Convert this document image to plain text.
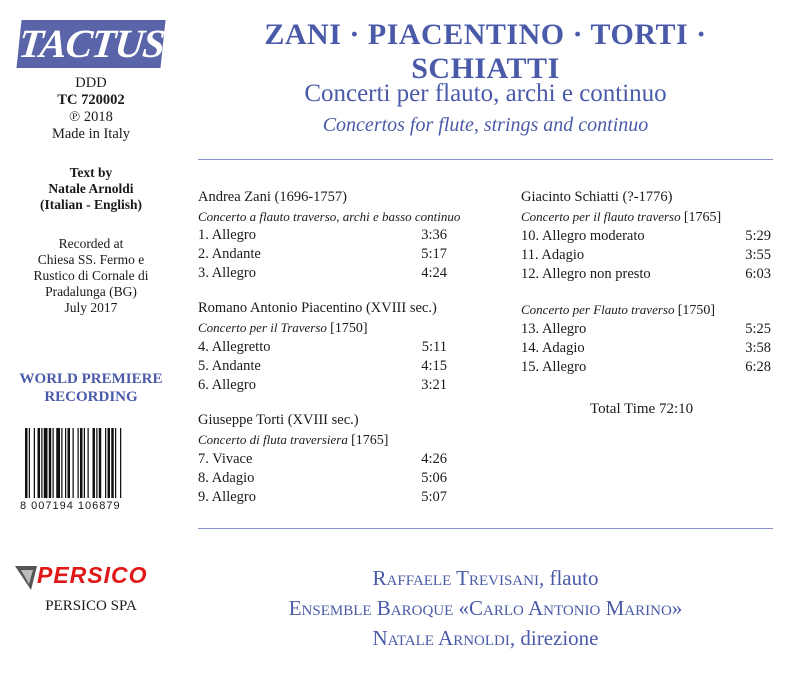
TACTUS
DDD
TC 720002
℗ 2018
Made in Italy
Text by
Natale Arnoldi
(Italian - English)
Recorded at
Chiesa SS. Fermo e
Rustico di Cornale di
Pradalunga (BG)
July 2017
WORLD PREMIERE
RECORDING
8 007194 106879
PERSICO
PERSICO SPA
ZANI · PIACENTINO · TORTI · SCHIATTI
Concerti per flauto, archi e continuo
Concertos for flute, strings and continuo
Andrea Zani (1696-1757)
Concerto a flauto traverso, archi e basso continuo
1. Allegro	3:36
2. Andante	5:17
3. Allegro	4:24
Romano Antonio Piacentino (XVIII sec.)
Concerto per il Traverso [1750]
4. Allegretto	5:11
5. Andante	4:15
6. Allegro	3:21
Giuseppe Torti (XVIII sec.)
Concerto di fluta traversiera [1765]
7. Vivace	4:26
8. Adagio	5:06
9. Allegro	5:07
Giacinto Schiatti (?-1776)
Concerto per il flauto traverso [1765]
10. Allegro moderato	5:29
11. Adagio	3:55
12. Allegro non presto	6:03
Concerto per Flauto traverso [1750]
13. Allegro	5:25
14. Adagio	3:58
15. Allegro	6:28
Total Time 72:10
Raffaele Trevisani, flauto
Ensemble Baroque «Carlo Antonio Marino»
Natale Arnoldi, direzione
